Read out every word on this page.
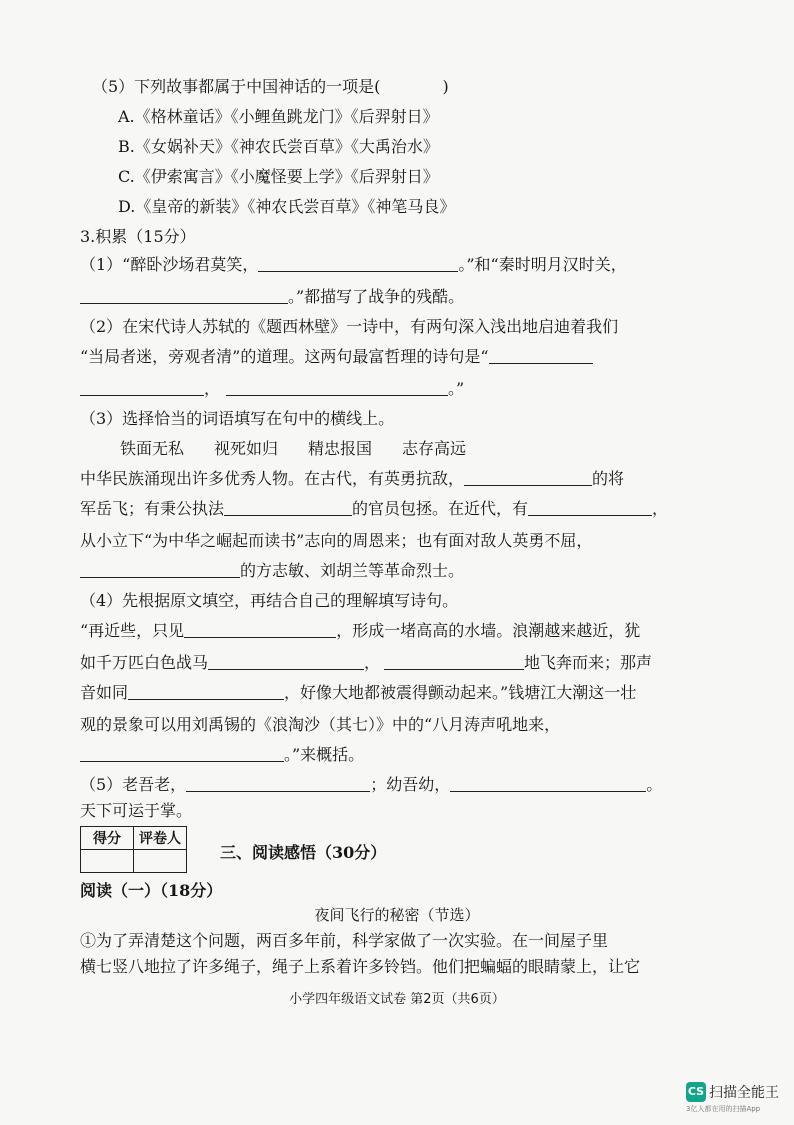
（5）下列故事都属于中国神话的一项是(	)
A.《格林童话》《小鲤鱼跳龙门》《后羿射日》
B.《女娲补天》《神农氏尝百草》《大禹治水》
C.《伊索寓言》《小魔怪要上学》《后羿射日》
D.《皇帝的新装》《神农氏尝百草》《神笔马良》
3.积累（15分）
（1）“醉卧沙场君莫笑，	。”和“秦时明月汉时关，
。”都描写了战争的残酷。
（2）在宋代诗人苏轼的《题西林壁》一诗中，有两句深入浅出地启迪着我们
“当局者迷，旁观者清”的道理。这两句最富哲理的诗句是“
，	。”
（3）选择恰当的词语填写在句中的横线上。
铁面无私 视死如归 精忠报国 志存高远
中华民族涌现出许多优秀人物。在古代，有英勇抗敌，	的将
军岳飞；有秉公执法	的官员包拯。在近代，有	，
从小立下“为中华之崛起而读书”志向的周恩来；也有面对敌人英勇不屈，
的方志敏、刘胡兰等革命烈士。
（4）先根据原文填空，再结合自己的理解填写诗句。
“再近些，只见	，形成一堵高高的水墙。浪潮越来越近，犹
如千万匹白色战马	，	地飞奔而来；那声
音如同	，好像大地都被震得颤动起来。”钱塘江大潮这一壮
观的景象可以用刘禹锡的《浪淘沙（其七）》中的“八月涛声吼地来，
。”来概括。
（5）老吾老，	；幼吾幼，	。
天下可运于掌。
得分	评卷人

三、阅读感悟（30分）
阅读（一）（18分）
夜间飞行的秘密（节选）
①为了弄清楚这个问题，两百多年前，科学家做了一次实验。在一间屋子里
横七竖八地拉了许多绳子，绳子上系着许多铃铛。他们把蝙蝠的眼睛蒙上，让它
小学四年级语文试卷 第2页（共6页）
CS 扫描全能王
3亿人都在用的扫描App
